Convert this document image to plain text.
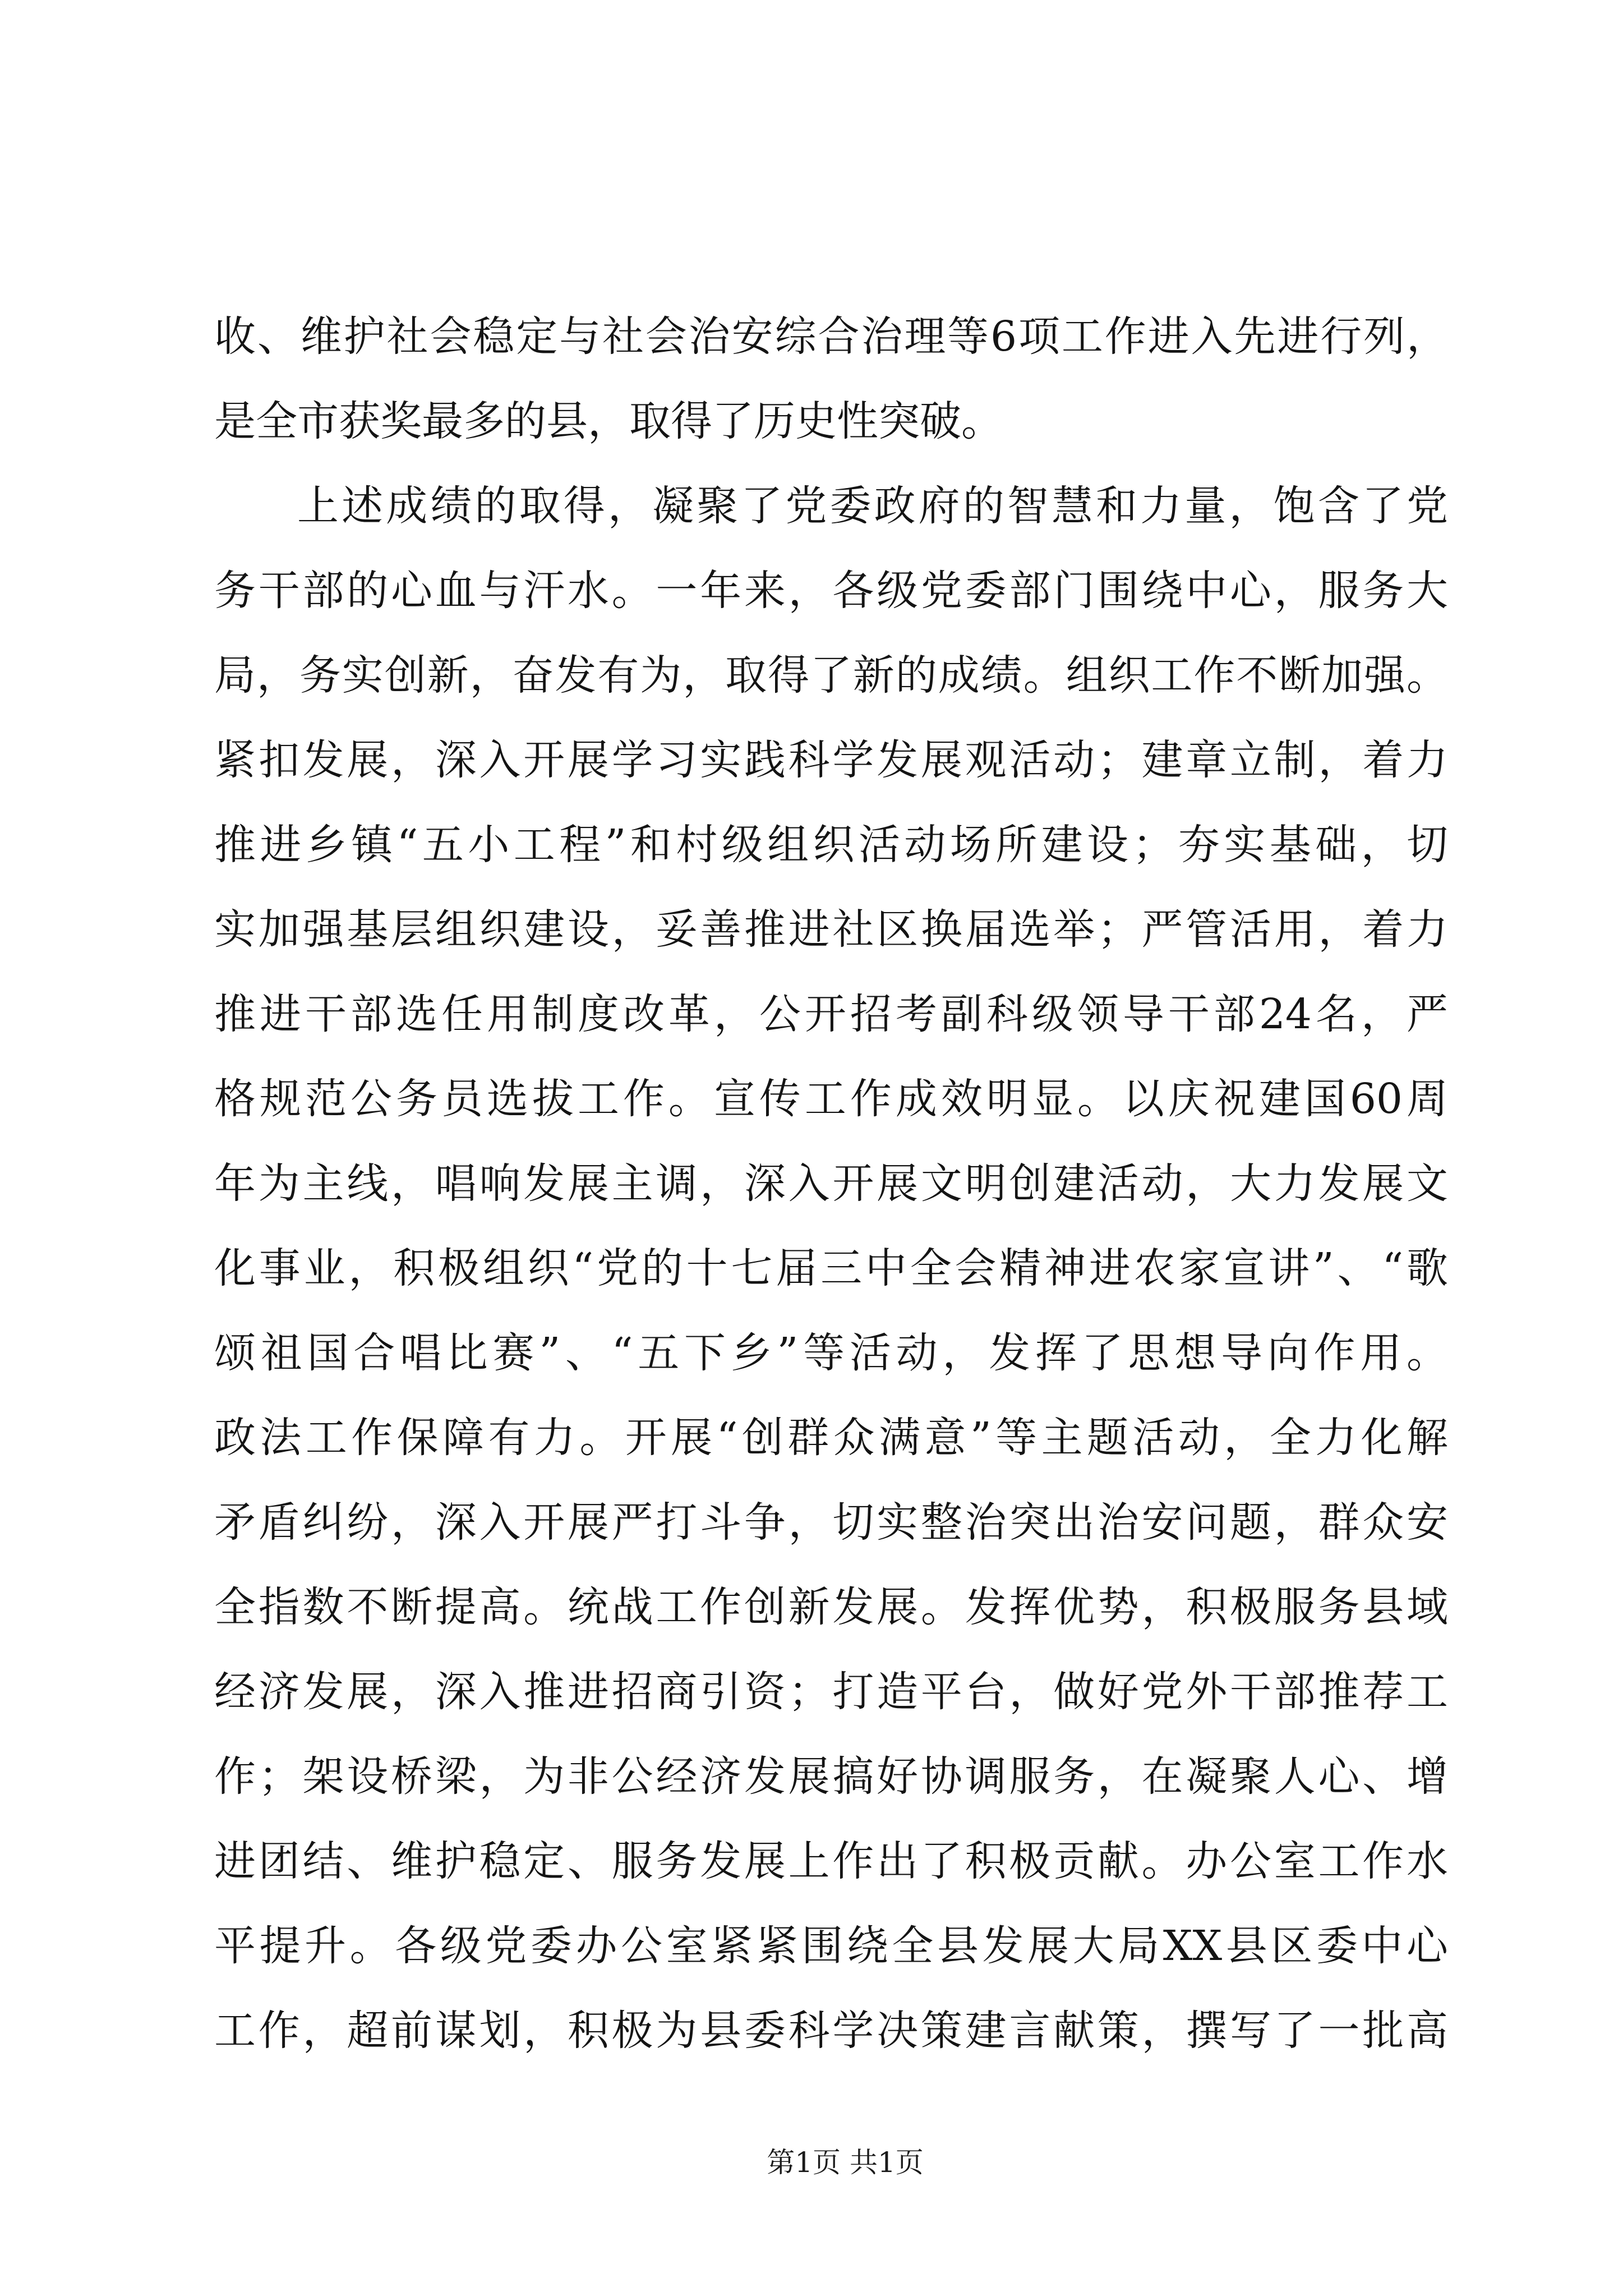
收、维护社会稳定与社会治安综合治理等6项工作进入先进行列，
是全市获奖最多的县，取得了历史性突破。
上述成绩的取得，凝聚了党委政府的智慧和力量，饱含了党
务干部的心血与汗水。一年来，各级党委部门围绕中心，服务大
局，务实创新，奋发有为，取得了新的成绩。组织工作不断加强。
紧扣发展，深入开展学习实践科学发展观活动；建章立制，着力
推进乡镇“五小工程”和村级组织活动场所建设；夯实基础，切
实加强基层组织建设，妥善推进社区换届选举；严管活用，着力
推进干部选任用制度改革，公开招考副科级领导干部24名，严
格规范公务员选拔工作。宣传工作成效明显。以庆祝建国60周
年为主线，唱响发展主调，深入开展文明创建活动，大力发展文
化事业，积极组织“党的十七届三中全会精神进农家宣讲”、“歌
颂祖国合唱比赛”、“五下乡”等活动，发挥了思想导向作用。
政法工作保障有力。开展“创群众满意”等主题活动，全力化解
矛盾纠纷，深入开展严打斗争，切实整治突出治安问题，群众安
全指数不断提高。统战工作创新发展。发挥优势，积极服务县域
经济发展，深入推进招商引资；打造平台，做好党外干部推荐工
作；架设桥梁，为非公经济发展搞好协调服务，在凝聚人心、增
进团结、维护稳定、服务发展上作出了积极贡献。办公室工作水
平提升。各级党委办公室紧紧围绕全县发展大局XX县区委中心
工作，超前谋划，积极为县委科学决策建言献策，撰写了一批高
第1页 共1页
